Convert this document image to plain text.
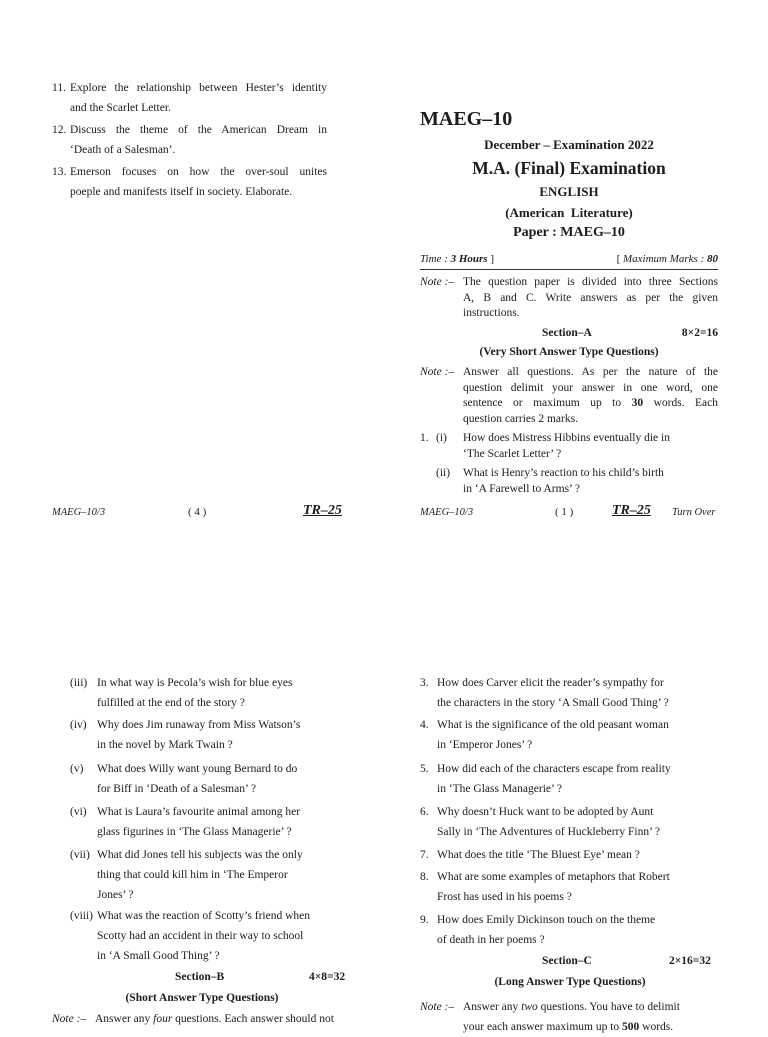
11. Explore the relationship between Hester’s identity
and the Scarlet Letter.
12. Discuss the theme of the American Dream in
‘Death of a Salesman’.
13. Emerson focuses on how the over-soul unites
poeple and manifests itself in society. Elaborate.
MAEG–10/3	( 4 )	TR–25
MAEG–10
December – Examination 2022
M.A. (Final) Examination
ENGLISH
(American  Literature)
Paper : MAEG–10
Time : 3 Hours ]	[ Maximum Marks : 80
Note :– The question paper is divided into three Sections
A, B and C. Write answers as per the given
instructions.
Section–A	8×2=16
(Very Short Answer Type Questions)
Note :– Answer all questions. As per the nature of the
question delimit your answer in one word, one
sentence or maximum up to 30 words. Each
question carries 2 marks.
1. (i) How does Mistress Hibbins eventually die in
‘The Scarlet Letter’ ?
(ii) What is Henry’s reaction to his child’s birth
in ‘A Farewell to Arms’ ?
MAEG–10/3	( 1 )	TR–25 Turn Over
(iii) In what way is Pecola’s wish for blue eyes
fulfilled at the end of the story ?
(iv) Why does Jim runaway from Miss Watson’s
in the novel by Mark Twain ?
(v) What does Willy want young Bernard to do
for Biff in ‘Death of a Salesman’ ?
(vi) What is Laura’s favourite animal among her
glass figurines in ‘The Glass Managerie’ ?
(vii) What did Jones tell his subjects was the only
thing that could kill him in ‘The Emperor
Jones’ ?
(viii) What was the reaction of Scotty’s friend when
Scotty had an accident in their way to school
in ‘A Small Good Thing’ ?
Section–B	4×8=32
(Short Answer Type Questions)
Note :– Answer any four questions. Each answer should not
3. How does Carver elicit the reader’s sympathy for
the characters in the story ‘A Small Good Thing’ ?
4. What is the significance of the old peasant woman
in ‘Emperor Jones’ ?
5. How did each of the characters escape from reality
in ‘The Glass Managerie’ ?
6. Why doesn’t Huck want to be adopted by Aunt
Sally in ‘The Adventures of Huckleberry Finn’ ?
7. What does the title ‘The Bluest Eye’ mean ?
8. What are some examples of metaphors that Robert
Frost has used in his poems ?
9. How does Emily Dickinson touch on the theme
of death in her poems ?
Section–C	2×16=32
(Long Answer Type Questions)
Note :– Answer any two questions. You have to delimit
your each answer maximum up to 500 words.
